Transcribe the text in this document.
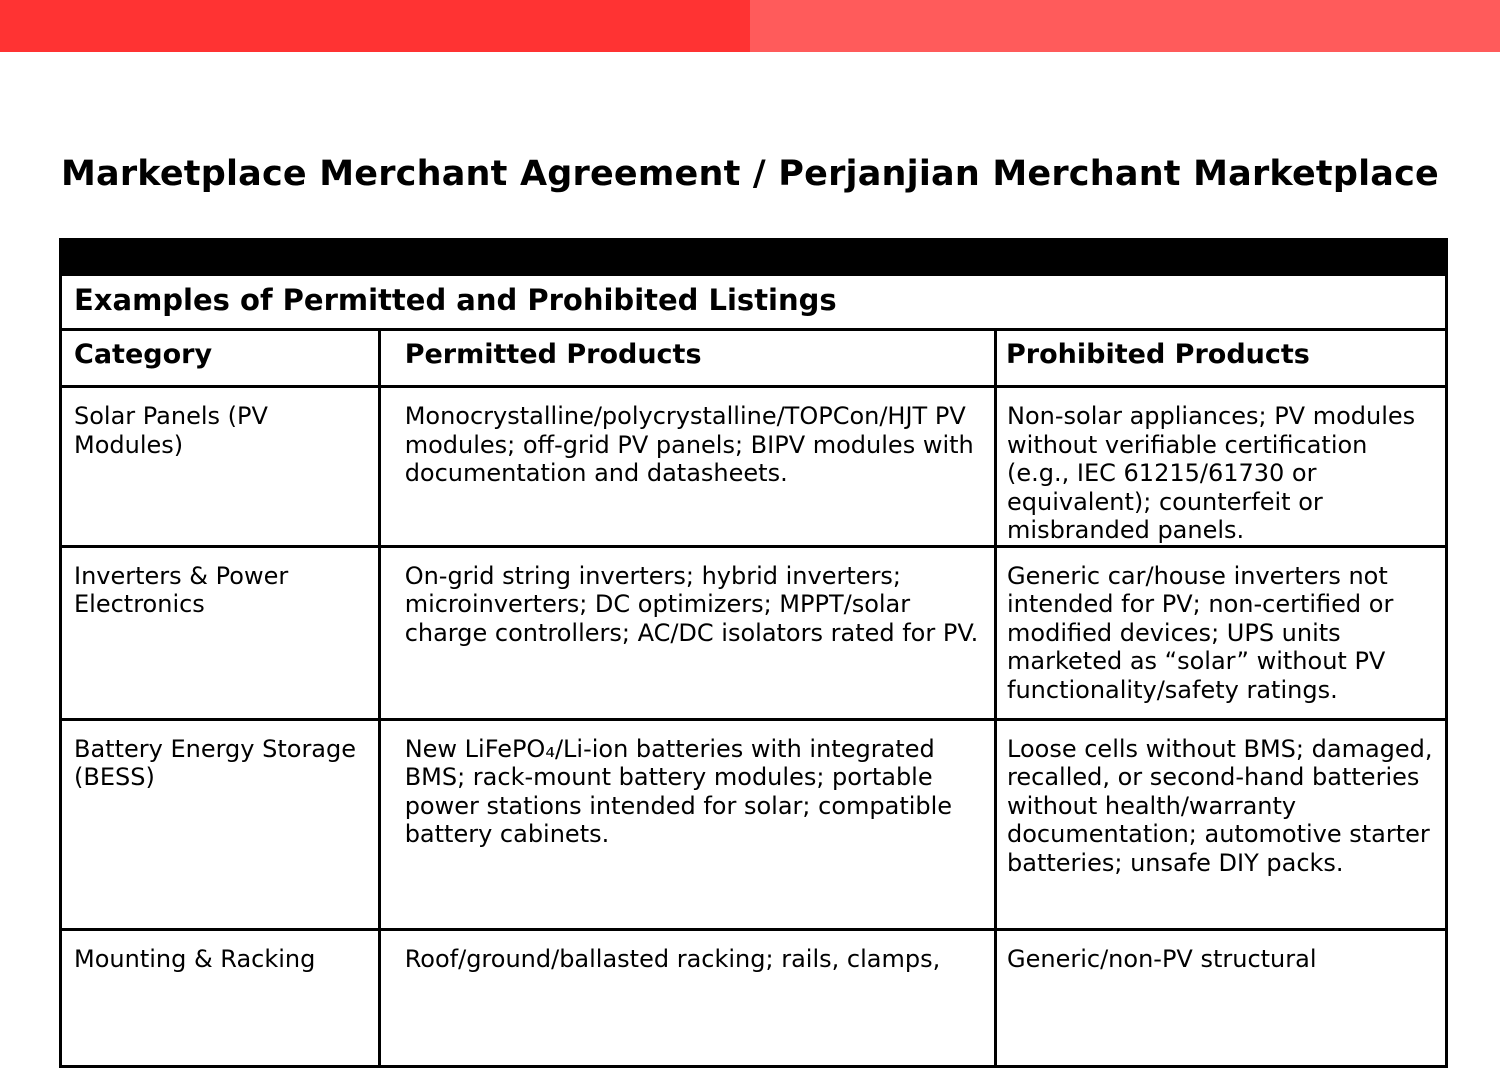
Marketplace Merchant Agreement / Perjanjian Merchant Marketplace

Examples of Permitted and Prohibited Listings		
Category	Permitted Products	Prohibited Products
Solar Panels (PV Modules)	Monocrystalline/polycrystalline/TOPCon/HJT PV modules; off-grid PV panels; BIPV modules with documentation and datasheets.	Non-solar appliances; PV modules without verifiable certification (e.g., IEC 61215/61730 or equivalent); counterfeit or misbranded panels.
Inverters & Power Electronics	On-grid string inverters; hybrid inverters; microinverters; DC optimizers; MPPT/solar charge controllers; AC/DC isolators rated for PV.	Generic car/house inverters not intended for PV; non-certified or modified devices; UPS units marketed as “solar” without PV functionality/safety ratings.
Battery Energy Storage (BESS)	New LiFePO₄/Li-ion batteries with integrated BMS; rack-mount battery modules; portable power stations intended for solar; compatible battery cabinets.	Loose cells without BMS; damaged, recalled, or second-hand batteries without health/warranty documentation; automotive starter batteries; unsafe DIY packs.
Mounting & Racking	Roof/ground/ballasted racking; rails, clamps,	Generic/non-PV structural
